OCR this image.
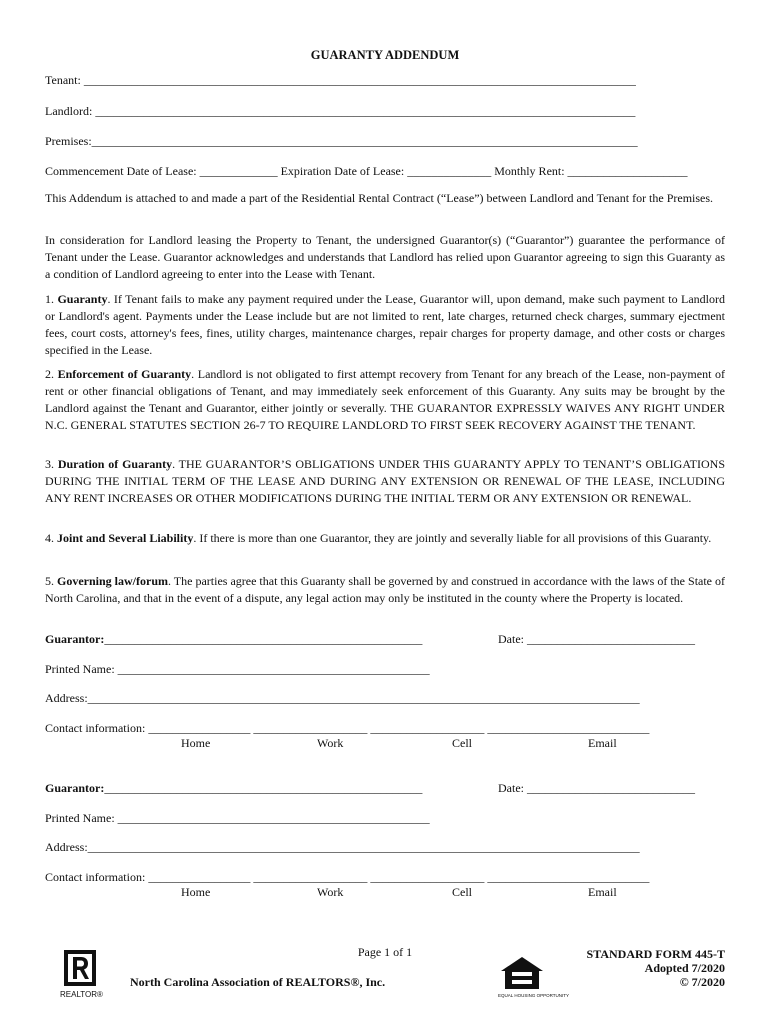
GUARANTY ADDENDUM
Tenant: ____________________________________________________________________________________________
Landlord: __________________________________________________________________________________________
Premises:___________________________________________________________________________________________
Commencement Date of Lease: _____________ Expiration Date of Lease: ______________ Monthly Rent: ____________________
This Addendum is attached to and made a part of the Residential Rental Contract (“Lease”) between Landlord and Tenant for the Premises.
In consideration for Landlord leasing the Property to Tenant, the undersigned Guarantor(s) (“Guarantor”) guarantee the performance of Tenant under the Lease. Guarantor acknowledges and understands that Landlord has relied upon Guarantor agreeing to sign this Guaranty as a condition of Landlord agreeing to enter into the Lease with Tenant.
1. Guaranty. If Tenant fails to make any payment required under the Lease, Guarantor will, upon demand, make such payment to Landlord or Landlord's agent. Payments under the Lease include but are not limited to rent, late charges, returned check charges, summary ejectment fees, court costs, attorney's fees, fines, utility charges, maintenance charges, repair charges for property damage, and other costs or charges specified in the Lease.
2. Enforcement of Guaranty. Landlord is not obligated to first attempt recovery from Tenant for any breach of the Lease, non-payment of rent or other financial obligations of Tenant, and may immediately seek enforcement of this Guaranty. Any suits may be brought by the Landlord against the Tenant and Guarantor, either jointly or severally. THE GUARANTOR EXPRESSLY WAIVES ANY RIGHT UNDER N.C. GENERAL STATUTES SECTION 26-7 TO REQUIRE LANDLORD TO FIRST SEEK RECOVERY AGAINST THE TENANT.
3. Duration of Guaranty. THE GUARANTOR’S OBLIGATIONS UNDER THIS GUARANTY APPLY TO TENANT’S OBLIGATIONS DURING THE INITIAL TERM OF THE LEASE AND DURING ANY EXTENSION OR RENEWAL OF THE LEASE, INCLUDING ANY RENT INCREASES OR OTHER MODIFICATIONS DURING THE INITIAL TERM OR ANY EXTENSION OR RENEWAL.
4. Joint and Several Liability. If there is more than one Guarantor, they are jointly and severally liable for all provisions of this Guaranty.
5. Governing law/forum. The parties agree that this Guaranty shall be governed by and construed in accordance with the laws of the State of North Carolina, and that in the event of a dispute, any legal action may only be instituted in the county where the Property is located.
Guarantor:_____________________________________________________	Date: ____________________________
Printed Name: ____________________________________________________
Address:____________________________________________________________________________________________
Contact information: _________________ ___________________ ___________________ ___________________________
Home	Work	Cell	Email
Guarantor:_____________________________________________________	Date: ____________________________
Printed Name: ____________________________________________________
Address:____________________________________________________________________________________________
Contact information: _________________ ___________________ ___________________ ___________________________
Home	Work	Cell	Email
REALTOR®
Page 1 of 1
North Carolina Association of REALTORS®, Inc.
EQUAL HOUSING OPPORTUNITY
STANDARD FORM 445-T
Adopted 7/2020
© 7/2020
